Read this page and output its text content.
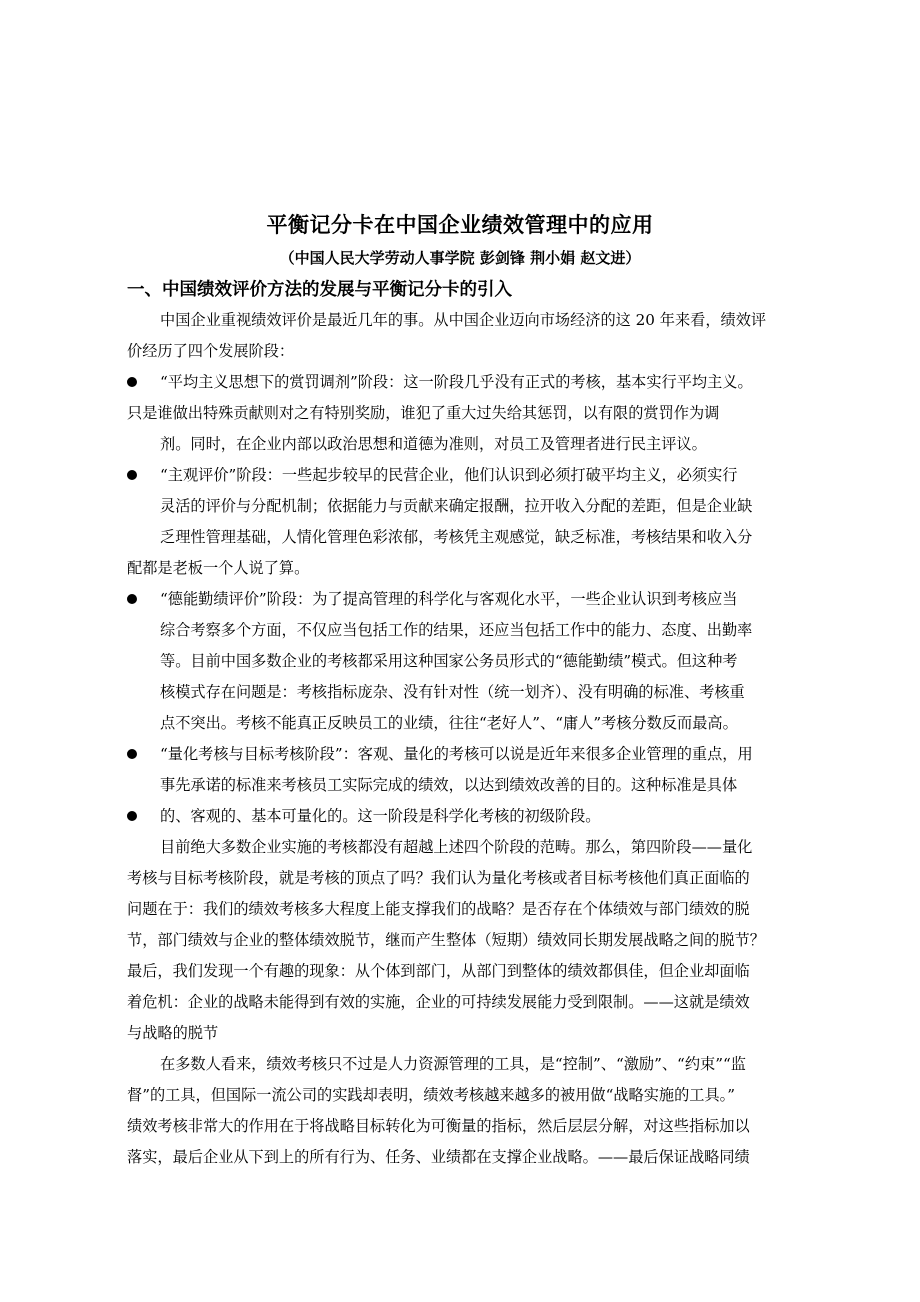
平衡记分卡在中国企业绩效管理中的应用
（中国人民大学劳动人事学院 彭剑锋 荆小娟 赵文进）
一、中国绩效评价方法的发展与平衡记分卡的引入
中国企业重视绩效评价是最近几年的事。从中国企业迈向市场经济的这 20 年来看，绩效评
价经历了四个发展阶段：
“平均主义思想下的赏罚调剂”阶段：这一阶段几乎没有正式的考核，基本实行平均主义。
只是谁做出特殊贡献则对之有特别奖励，谁犯了重大过失给其惩罚，以有限的赏罚作为调
剂。同时，在企业内部以政治思想和道德为准则，对员工及管理者进行民主评议。
“主观评价”阶段：一些起步较早的民营企业，他们认识到必须打破平均主义，必须实行
灵活的评价与分配机制；依据能力与贡献来确定报酬，拉开收入分配的差距，但是企业缺
乏理性管理基础，人情化管理色彩浓郁，考核凭主观感觉，缺乏标准，考核结果和收入分
配都是老板一个人说了算。
“德能勤绩评价”阶段：为了提高管理的科学化与客观化水平，一些企业认识到考核应当
综合考察多个方面，不仅应当包括工作的结果，还应当包括工作中的能力、态度、出勤率
等。目前中国多数企业的考核都采用这种国家公务员形式的“德能勤绩”模式。但这种考
核模式存在问题是：考核指标庞杂、没有针对性（统一划齐）、没有明确的标准、考核重
点不突出。考核不能真正反映员工的业绩，往往“老好人”、“庸人”考核分数反而最高。
“量化考核与目标考核阶段”：客观、量化的考核可以说是近年来很多企业管理的重点，用
事先承诺的标准来考核员工实际完成的绩效，以达到绩效改善的目的。这种标准是具体
的、客观的、基本可量化的。这一阶段是科学化考核的初级阶段。
目前绝大多数企业实施的考核都没有超越上述四个阶段的范畴。那么，第四阶段——量化
考核与目标考核阶段，就是考核的顶点了吗？我们认为量化考核或者目标考核他们真正面临的
问题在于：我们的绩效考核多大程度上能支撑我们的战略？是否存在个体绩效与部门绩效的脱
节，部门绩效与企业的整体绩效脱节，继而产生整体（短期）绩效同长期发展战略之间的脱节？
最后，我们发现一个有趣的现象：从个体到部门，从部门到整体的绩效都俱佳，但企业却面临
着危机：企业的战略未能得到有效的实施，企业的可持续发展能力受到限制。——这就是绩效
与战略的脱节
在多数人看来，绩效考核只不过是人力资源管理的工具，是“控制”、“激励”、“约束”“监
督”的工具，但国际一流公司的实践却表明，绩效考核越来越多的被用做“战略实施的工具。”
绩效考核非常大的作用在于将战略目标转化为可衡量的指标，然后层层分解，对这些指标加以
落实，最后企业从下到上的所有行为、任务、业绩都在支撑企业战略。——最后保证战略同绩
